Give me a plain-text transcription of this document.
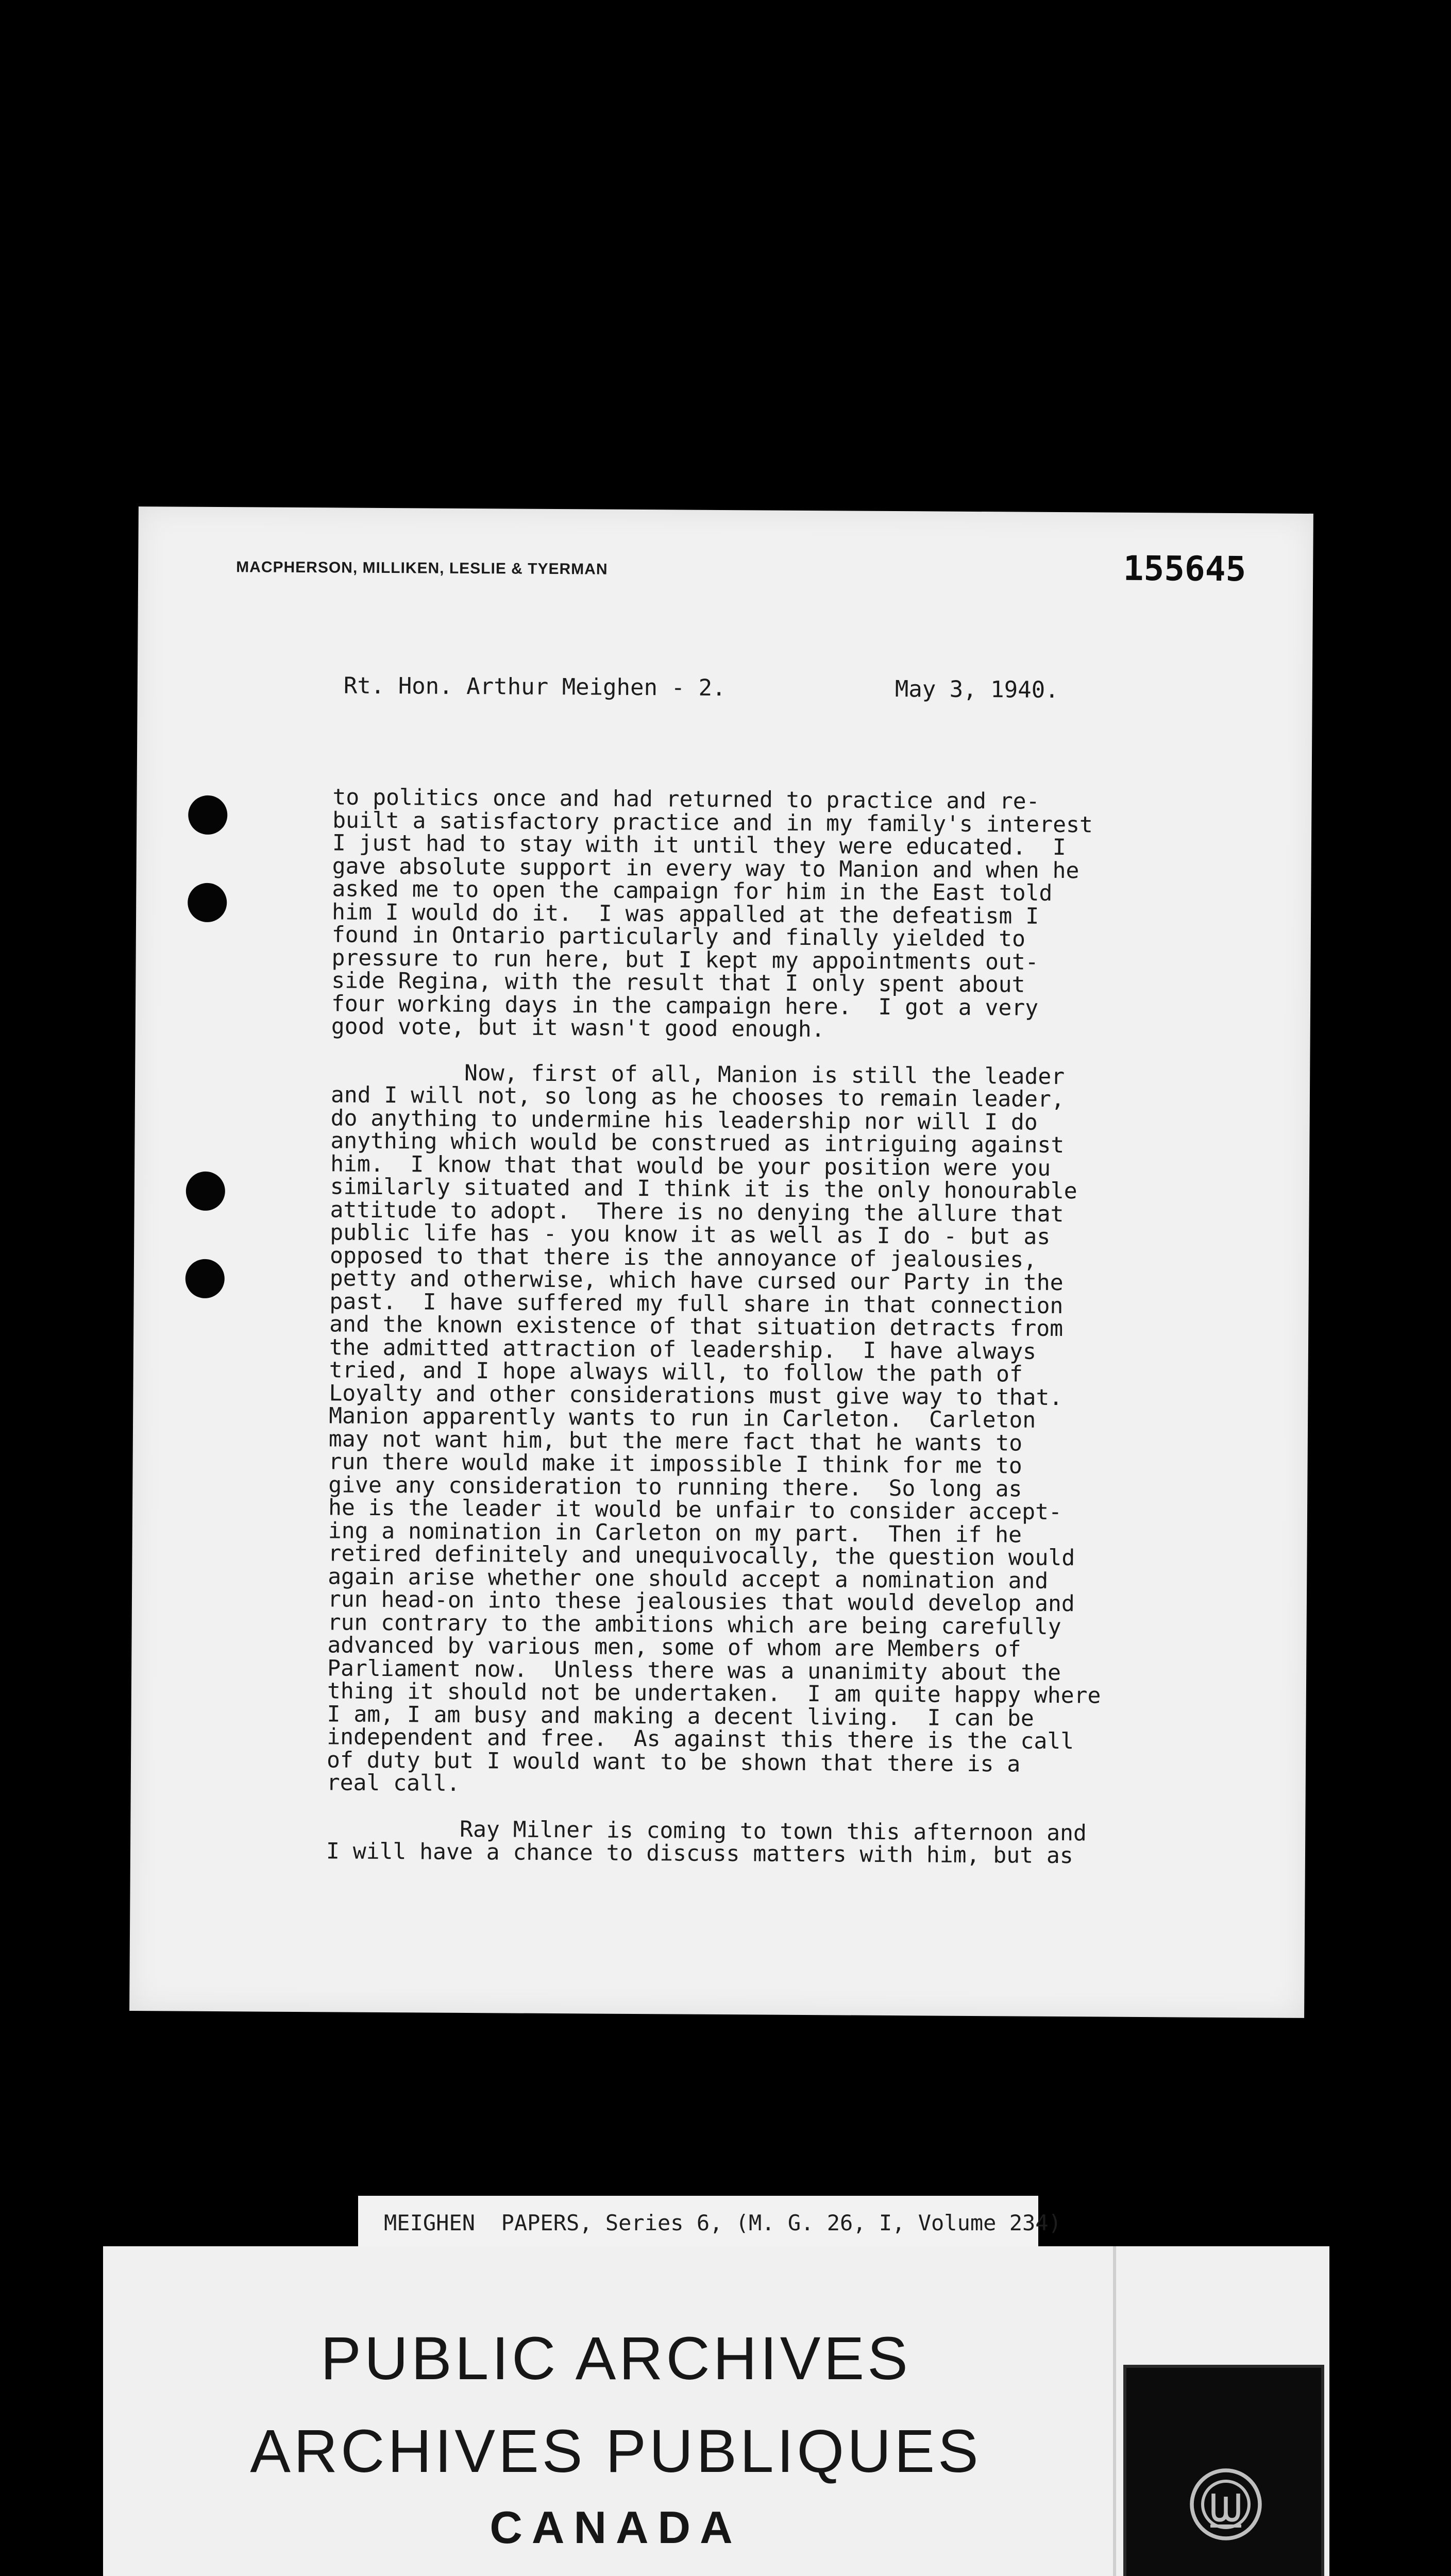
MACPHERSON, MILLIKEN, LESLIE & TYERMAN	155645
Rt. Hon. Arthur Meighen - 2.	May 3, 1940.

to politics once and had returned to practice and re-
built a satisfactory practice and in my family's interest
I just had to stay with it until they were educated.  I
gave absolute support in every way to Manion and when he
asked me to open the campaign for him in the East told
him I would do it.  I was appalled at the defeatism I
found in Ontario particularly and finally yielded to
pressure to run here, but I kept my appointments out-
side Regina, with the result that I only spent about
four working days in the campaign here.  I got a very
good vote, but it wasn't good enough.

Now, first of all, Manion is still the leader
and I will not, so long as he chooses to remain leader,
do anything to undermine his leadership nor will I do
anything which would be construed as intriguing against
him.  I know that that would be your position were you
similarly situated and I think it is the only honourable
attitude to adopt.  There is no denying the allure that
public life has - you know it as well as I do - but as
opposed to that there is the annoyance of jealousies,
petty and otherwise, which have cursed our Party in the
past.  I have suffered my full share in that connection
and the known existence of that situation detracts from
the admitted attraction of leadership.  I have always
tried, and I hope always will, to follow the path of
Loyalty and other considerations must give way to that.
Manion apparently wants to run in Carleton.  Carleton
may not want him, but the mere fact that he wants to
run there would make it impossible I think for me to
give any consideration to running there.  So long as
he is the leader it would be unfair to consider accept-
ing a nomination in Carleton on my part.  Then if he
retired definitely and unequivocally, the question would
again arise whether one should accept a nomination and
run head-on into these jealousies that would develop and
run contrary to the ambitions which are being carefully
advanced by various men, some of whom are Members of
Parliament now.  Unless there was a unanimity about the
thing it should not be undertaken.  I am quite happy where
I am, I am busy and making a decent living.  I can be
independent and free.  As against this there is the call
of duty but I would want to be shown that there is a
real call.

Ray Milner is coming to town this afternoon and
I will have a chance to discuss matters with him, but as

MEIGHEN  PAPERS, Series 6, (M. G. 26, I, Volume 234)
PUBLIC ARCHIVES
ARCHIVES PUBLIQUES
CANADA
